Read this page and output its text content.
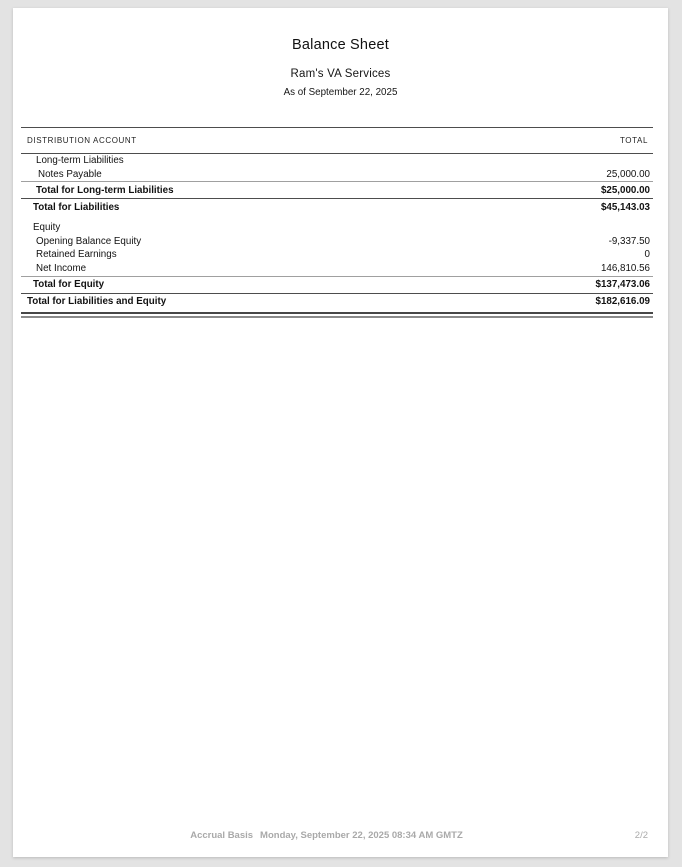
Balance Sheet
Ram's VA Services
As of September 22, 2025
DISTRIBUTION ACCOUNT	TOTAL
Long-term Liabilities
Notes Payable	25,000.00
Total for Long-term Liabilities	$25,000.00
Total for Liabilities	$45,143.03
Equity
Opening Balance Equity	-9,337.50
Retained Earnings	0
Net Income	146,810.56
Total for Equity	$137,473.06
Total for Liabilities and Equity	$182,616.09
Accrual Basis Monday, September 22, 2025 08:34 AM GMTZ	2/2
